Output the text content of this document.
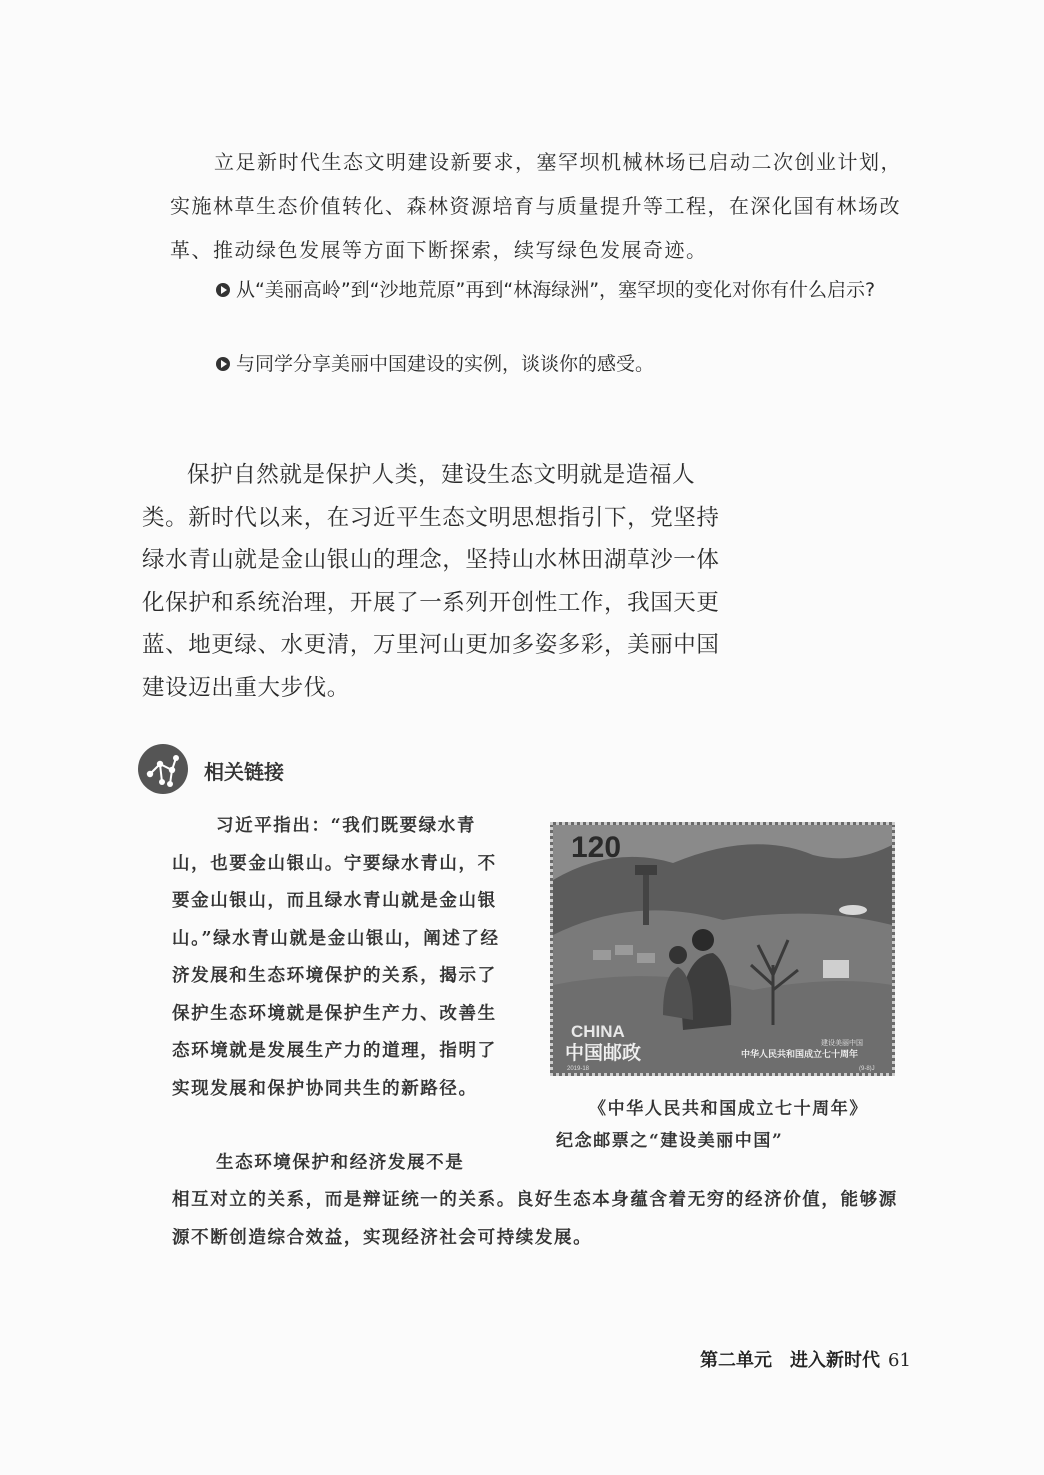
立足新时代生态文明建设新要求，塞罕坝机械林场已启动二次创业计划，实施林草生态价值转化、森林资源培育与质量提升等工程，在深化国有林场改革、推动绿色发展等方面下断探索，续写绿色发展奇迹。
从“美丽高岭”到“沙地荒原”再到“林海绿洲”，塞罕坝的变化对你有什么启示?
与同学分享美丽中国建设的实例，谈谈你的感受。
保护自然就是保护人类，建设生态文明就是造福人类。新时代以来，在习近平生态文明思想指引下，党坚持绿水青山就是金山银山的理念，坚持山水林田湖草沙一体化保护和系统治理，开展了一系列开创性工作，我国天更蓝、地更绿、水更清，万里河山更加多姿多彩，美丽中国建设迈出重大步伐。
相关链接
习近平指出：“我们既要绿水青山，也要金山银山。宁要绿水青山，不要金山银山，而且绿水青山就是金山银山。”绿水青山就是金山银山，阐述了经济发展和生态环境保护的关系，揭示了保护生态环境就是保护生产力、改善生态环境就是发展生产力的道理，指明了实现发展和保护协同共生的新路径。
生态环境保护和经济发展不是
相互对立的关系，而是辩证统一的关系。良好生态本身蕴含着无穷的经济价值，能够源源不断创造综合效益，实现经济社会可持续发展。
120
CHINA
中国邮政	建设美丽中国
中华人民共和国成立七十周年
2019-18	(9-8)J
《中华人民共和国成立七十周年》
纪念邮票之“建设美丽中国”
第二单元　进入新时代 61
